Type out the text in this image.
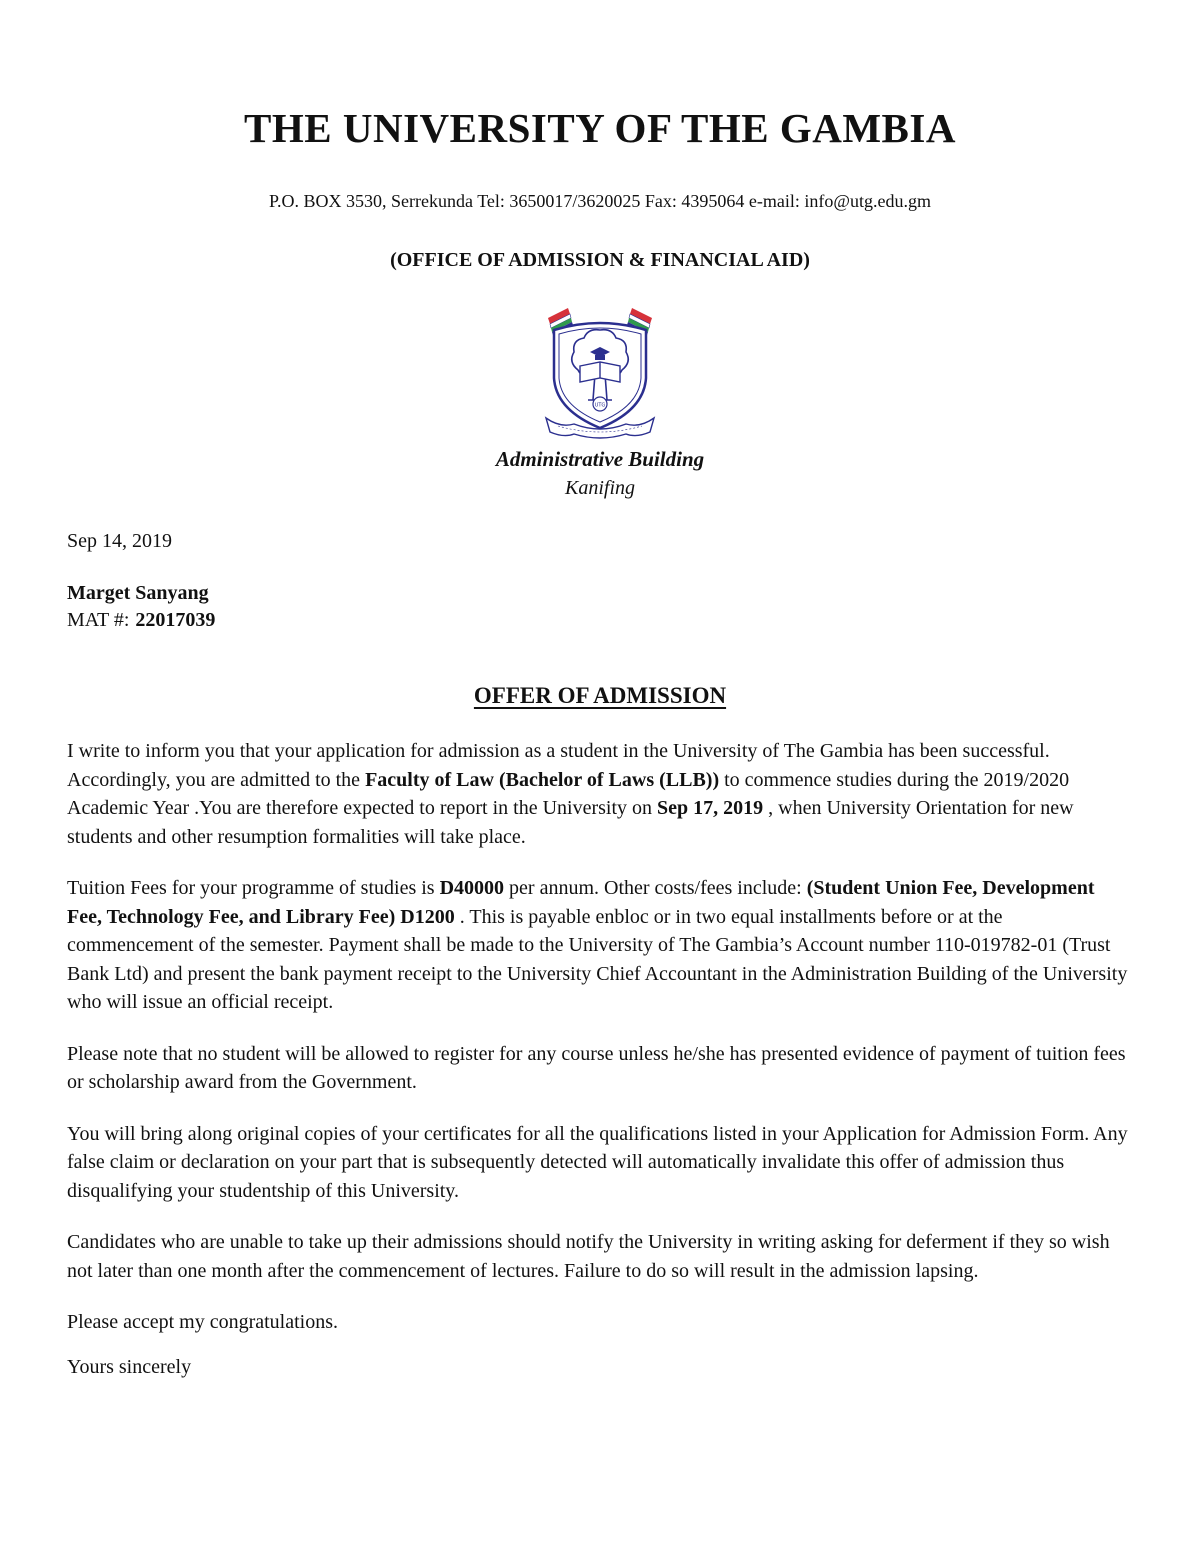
THE UNIVERSITY OF THE GAMBIA

P.O. BOX 3530, Serrekunda Tel: 3650017/3620025 Fax: 4395064 e-mail: info@utg.edu.gm

(OFFICE OF ADMISSION & FINANCIAL AID)

UTG

Administrative Building

Kanifing

Sep 14, 2019

Marget Sanyang
MAT #: 22017039
OFFER OF ADMISSION

I write to inform you that your application for admission as a student in the University of The Gambia has been successful. Accordingly, you are admitted to the Faculty of Law (Bachelor of Laws (LLB)) to commence studies during the 2019/2020 Academic Year .You are therefore expected to report in the University on Sep 17, 2019 , when University Orientation for new students and other resumption formalities will take place.

Tuition Fees for your programme of studies is D40000 per annum. Other costs/fees include: (Student Union Fee, Development Fee, Technology Fee, and Library Fee) D1200 . This is payable enbloc or in two equal installments before or at the commencement of the semester. Payment shall be made to the University of The Gambia’s Account number 110-019782-01 (Trust Bank Ltd) and present the bank payment receipt to the University Chief Accountant in the Administration Building of the University who will issue an official receipt.

Please note that no student will be allowed to register for any course unless he/she has presented evidence of payment of tuition fees or scholarship award from the Government.

You will bring along original copies of your certificates for all the qualifications listed in your Application for Admission Form. Any false claim or declaration on your part that is subsequently detected will automatically invalidate this offer of admission thus disqualifying your studentship of this University.

Candidates who are unable to take up their admissions should notify the University in writing asking for deferment if they so wish not later than one month after the commencement of lectures. Failure to do so will result in the admission lapsing.

Please accept my congratulations.

Yours sincerely
